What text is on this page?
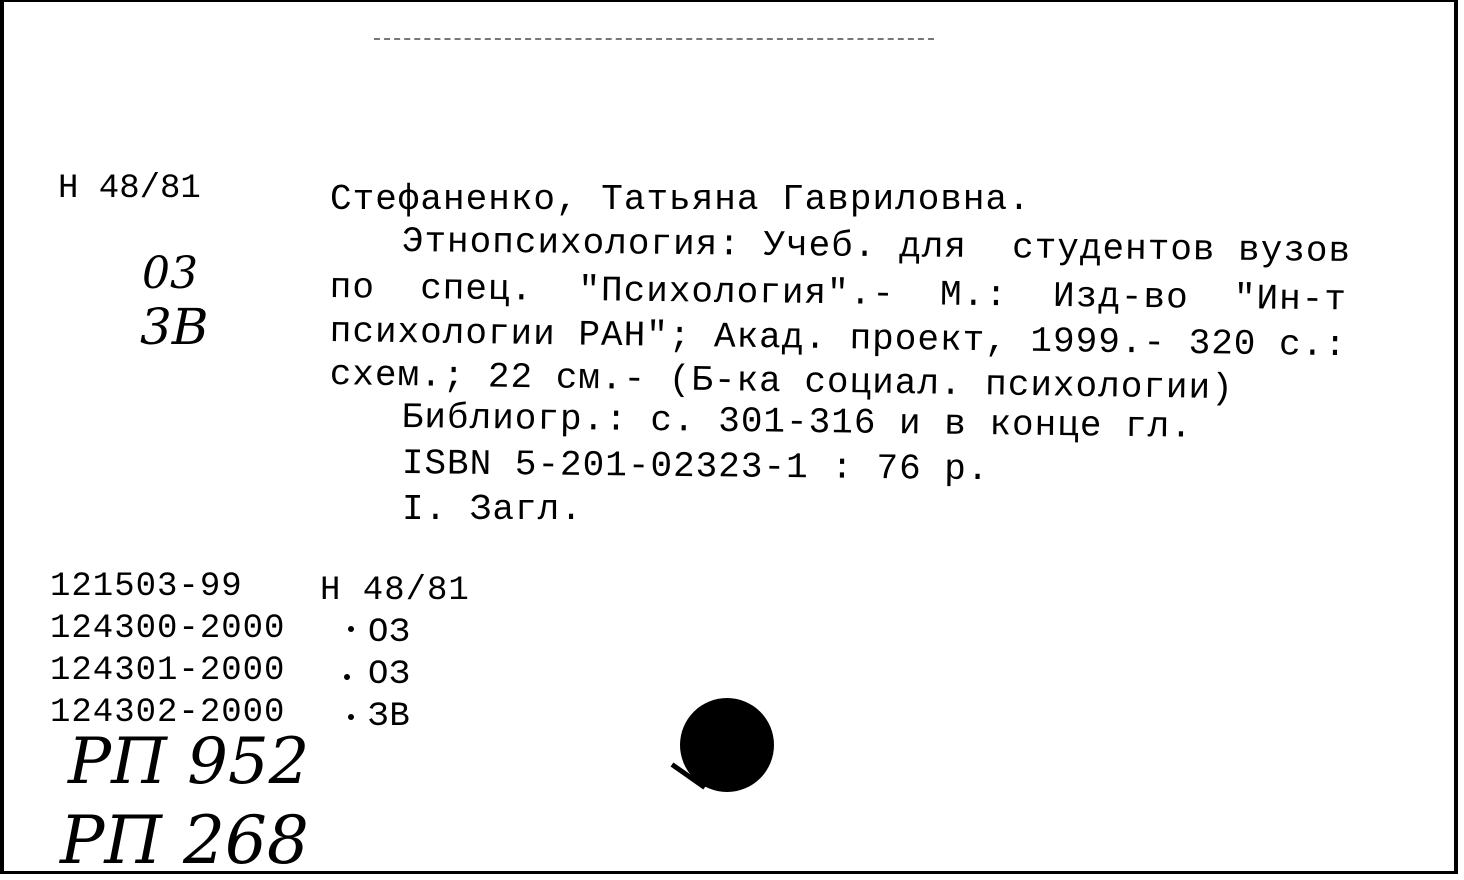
Н 48/81
03
3B
Стефаненко, Татьяна Гавриловна.
Этнопсихология: Учеб. для  студентов вузов
по  спец.  "Психология".-  М.:  Изд-во  "Ин-т
психологии РАН"; Акад. проект, 1999.- 320 с.:
схем.; 22 см.- (Б-ка социал. психологии)
Библиогр.: с. 301-316 и в конце гл.
ISBN 5-201-02323-1 : 76 р.
I. Загл.
121503-99 Н 48/81
124300-2000 ОЗ
124301-2000 ОЗ
124302-2000 ЗВ
РП 952
РП 268
